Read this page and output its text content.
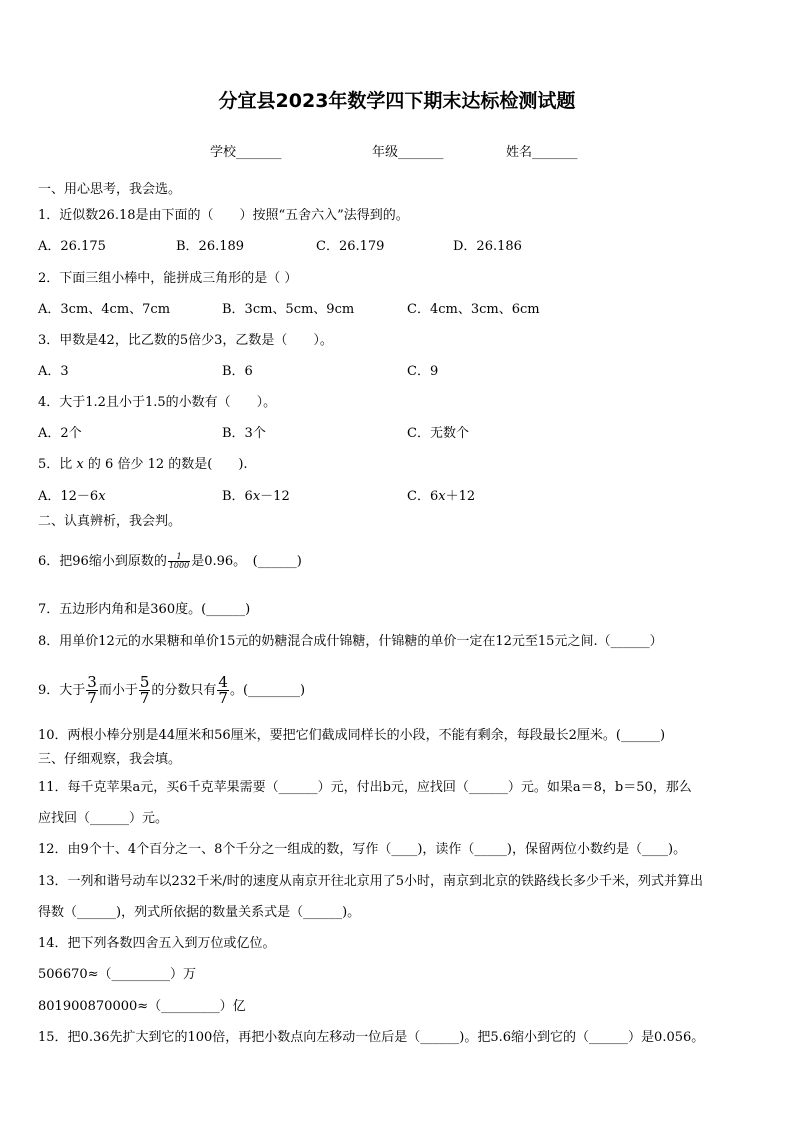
分宜县2023年数学四下期末达标检测试题
学校_______	年级_______	姓名_______
一、用心思考，我会选。
1．近似数26.18是由下面的（　　）按照“五舍六入”法得到的。
A．26.175	B．26.189	C．26.179	D．26.186
2．下面三组小棒中，能拼成三角形的是（ ）
A．3cm、4cm、7cm	B．3cm、5cm、9cm	C．4cm、3cm、6cm
3．甲数是42，比乙数的5倍少3，乙数是（　　）。
A．3	B．6	C．9
4．大于1.2且小于1.5的小数有（　　）。
A．2个	B．3个	C．无数个
5．比 x 的 6 倍少 12 的数是(　　).
A．12－6x	B．6x－12	C．6x＋12
二、认真辨析，我会判。
6．把96缩小到原数的 $\frac{1}{1000}$ 是0.96。　(______)
7．五边形内角和是360度。(______)
8．用单价12元的水果糖和单价15元的奶糖混合成什锦糖，什锦糖的单价一定在12元至15元之间.（______）
9．大于 $\frac{3}{7}$ 而小于 $\frac{5}{7}$ 的分数只有 $\frac{4}{7}$ 。(________)
10．两根小棒分别是44厘米和56厘米，要把它们截成同样长的小段，不能有剩余，每段最长2厘米。(______)
三、仔细观察，我会填。
11．每千克苹果a元，买6千克苹果需要（______）元，付出b元，应找回（______）元。如果a＝8，b＝50，那么
应找回（______）元。
12．由9个十、4个百分之一、8个千分之一组成的数，写作（____)，读作（_____)，保留两位小数约是（____)。
13．一列和谐号动车以232千米/时的速度从南京开往北京用了5小时，南京到北京的铁路线长多少千米，列式并算出
得数（______)，列式所依据的数量关系式是（______)。
14．把下列各数四舍五入到万位或亿位。
506670≈（_________）万
801900870000≈（_________）亿
15．把0.36先扩大到它的100倍，再把小数点向左移动一位后是（______)。把5.6缩小到它的（______）是0.056。
